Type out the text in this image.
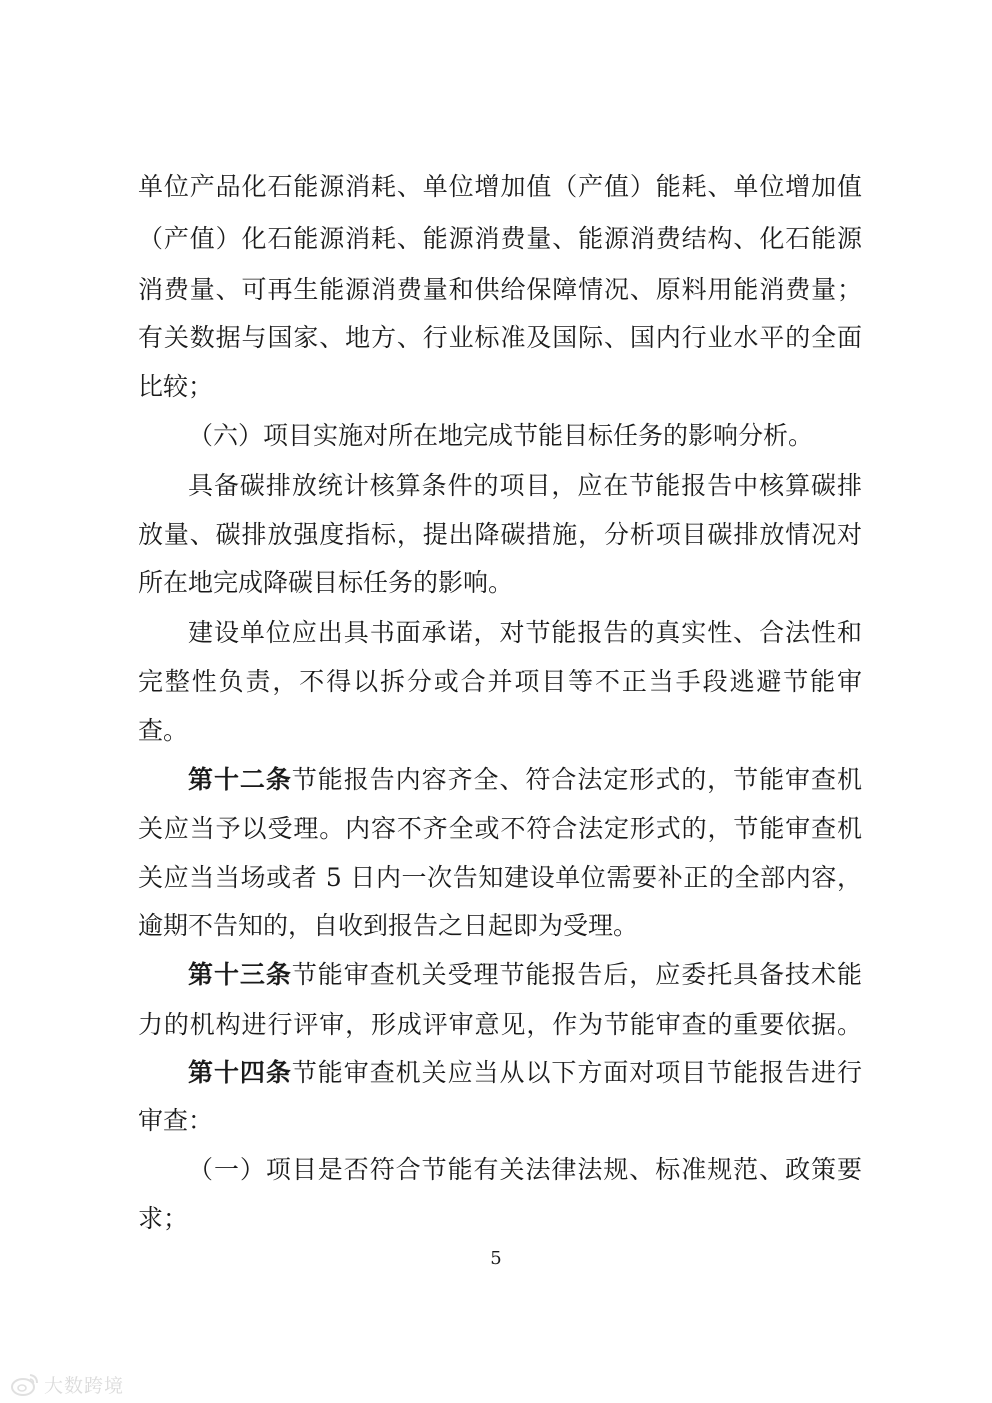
单位产品化石能源消耗、单位增加值（产值）能耗、单位增加值
（产值）化石能源消耗、能源消费量、能源消费结构、化石能源
消费量、可再生能源消费量和供给保障情况、原料用能消费量；
有关数据与国家、地方、行业标准及国际、国内行业水平的全面
比较；
（六）项目实施对所在地完成节能目标任务的影响分析。
具备碳排放统计核算条件的项目，应在节能报告中核算碳排
放量、碳排放强度指标，提出降碳措施，分析项目碳排放情况对
所在地完成降碳目标任务的影响。
建设单位应出具书面承诺，对节能报告的真实性、合法性和
完整性负责，不得以拆分或合并项目等不正当手段逃避节能审
查。
第十二条节能报告内容齐全、符合法定形式的，节能审查机
关应当予以受理。内容不齐全或不符合法定形式的，节能审查机
关应当当场或者 5 日内一次告知建设单位需要补正的全部内容，
逾期不告知的，自收到报告之日起即为受理。
第十三条节能审查机关受理节能报告后，应委托具备技术能
力的机构进行评审，形成评审意见，作为节能审查的重要依据。
第十四条节能审查机关应当从以下方面对项目节能报告进行
审查：
（一）项目是否符合节能有关法律法规、标准规范、政策要
求；
5
大数跨境
